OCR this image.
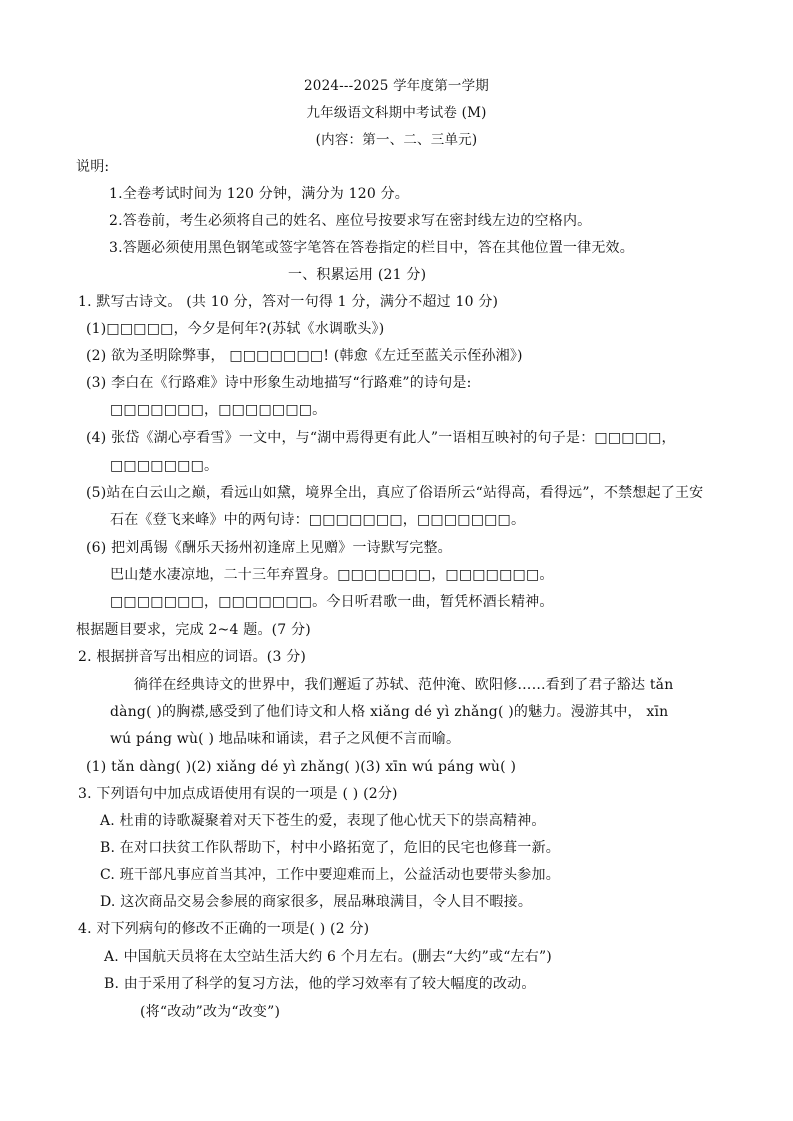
2024---2025 学年度第一学期
九年级语文科期中考试卷 (M)
(内容：第一、二、三单元)
说明:
1.全卷考试时间为 120 分钟，满分为 120 分。
2.答卷前，考生必须将自己的姓名、座位号按要求写在密封线左边的空格内。
3.答题必须使用黑色钢笔或签字笔答在答卷指定的栏目中，答在其他位置一律无效。
一、积累运用 (21 分)
1. 默写古诗文。 (共 10 分，答对一句得 1 分，满分不超过 10 分)
(1)□□□□□，今夕是何年?(苏轼《水调歌头》)
(2) 欲为圣明除弊事， □□□□□□□! (韩愈《左迁至蓝关示侄孙湘》)
(3) 李白在《行路难》诗中形象生动地描写“行路难”的诗句是:
□□□□□□□，□□□□□□□。
(4) 张岱《湖心亭看雪》一文中，与“湖中焉得更有此人”一语相互映衬的句子是：□□□□□，
□□□□□□□。
(5)站在白云山之巅，看远山如黛，境界全出，真应了俗语所云“站得高，看得远”，不禁想起了王安
石在《登飞来峰》中的两句诗：□□□□□□□，□□□□□□□。
(6) 把刘禹锡《酬乐天扬州初逢席上见赠》一诗默写完整。
巴山楚水凄凉地，二十三年弃置身。□□□□□□□，□□□□□□□。
□□□□□□□，□□□□□□□。今日听君歌一曲，暂凭杯酒长精神。
根据题目要求，完成 2~4 题。(7 分)
2. 根据拼音写出相应的词语。(3 分)
徜徉在经典诗文的世界中，我们邂逅了苏轼、范仲淹、欧阳修……看到了君子豁达 tǎn
dàng( )的胸襟,感受到了他们诗文和人格 xiǎng dé yì zhǎng( )的魅力。漫游其中， xīn
wú páng wù( ) 地品味和诵读，君子之风便不言而喻。
(1) tǎn dàng( )(2) xiǎng dé yì zhǎng( )(3) xīn wú páng wù( )
3. 下列语句中加点成语使用有误的一项是 ( ) (2分)
A. 杜甫的诗歌凝聚着对天下苍生的爱，表现了他心忧天下的崇高精神。
B. 在对口扶贫工作队帮助下，村中小路拓宽了，危旧的民宅也修葺一新。
C. 班干部凡事应首当其冲，工作中要迎难而上，公益活动也要带头参加。
D. 这次商品交易会参展的商家很多，展品琳琅满目，令人目不暇接。
4. 对下列病句的修改不正确的一项是( ) (2 分)
A. 中国航天员将在太空站生活大约 6 个月左右。(删去“大约”或“左右”)
B. 由于采用了科学的复习方法，他的学习效率有了较大幅度的改动。
(将“改动”改为“改变”)
